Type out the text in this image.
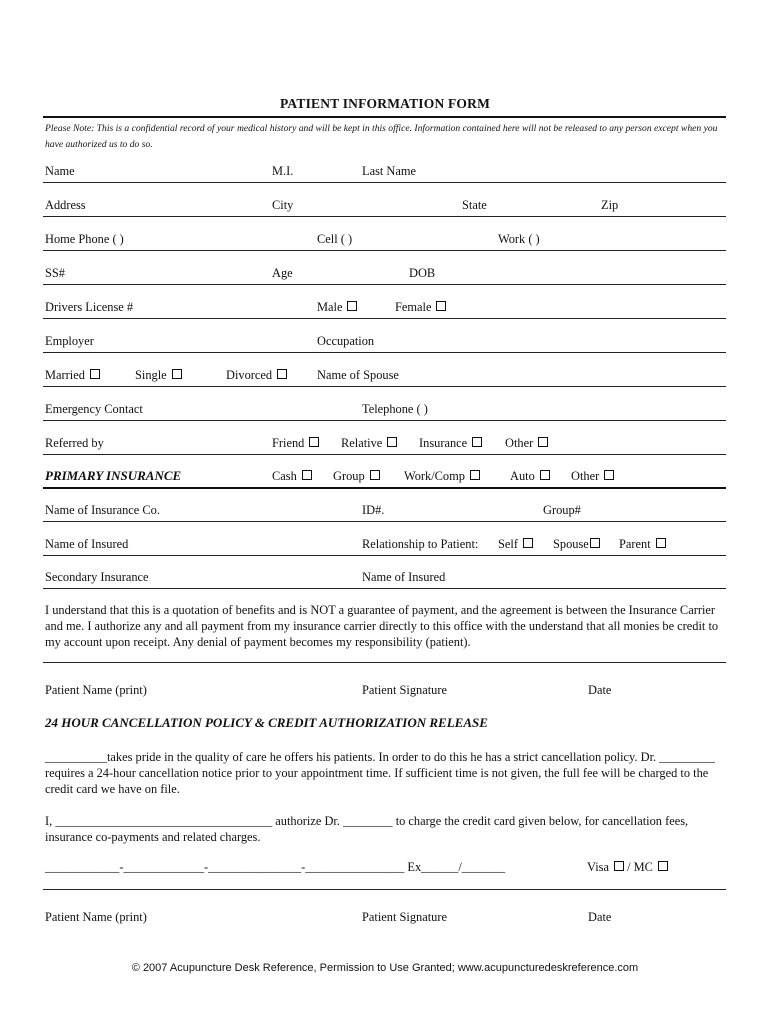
PATIENT INFORMATION FORM
Please Note: This is a confidential record of your medical history and will be kept in this office. Information contained here will not be released to any person except when you have authorized us to do so.
Name	M.I.	Last Name
Address	City	State	Zip
Home Phone ( )	Cell ( )	Work ( )
SS#	Age	DOB
Drivers License #	Male	Female
Employer	Occupation
Married	Single	Divorced	Name of Spouse
Emergency Contact	Telephone ( )
Referred by	Friend	Relative	Insurance	Other
PRIMARY INSURANCE	Cash	Group	Work/Comp	Auto	Other
Name of Insurance Co.	ID#.	Group#
Name of Insured	Relationship to Patient: Self	Spouse	Parent
Secondary Insurance	Name of Insured
I understand that this is a quotation of benefits and is NOT a guarantee of payment, and the agreement is between the Insurance Carrier and me. I authorize any and all payment from my insurance carrier directly to this office with the understand that all monies be credit to my account upon receipt. Any denial of payment becomes my responsibility (patient).
Patient Name (print)	Patient Signature	Date
24 HOUR CANCELLATION POLICY & CREDIT AUTHORIZATION RELEASE
__________takes pride in the quality of care he offers his patients. In order to do this he has a strict cancellation policy. Dr. _________ requires a 24-hour cancellation notice prior to your appointment time. If sufficient time is not given, the full fee will be charged to the credit card we have on file.
I, ___________________________________ authorize Dr. ________ to charge the credit card given below, for cancellation fees, insurance co-payments and related charges.
____________-_____________-_______________-________________ Ex______/_______	Visa / MC
Patient Name (print)	Patient Signature	Date
© 2007 Acupuncture Desk Reference, Permission to Use Granted; www.acupuncturedeskreference.com
